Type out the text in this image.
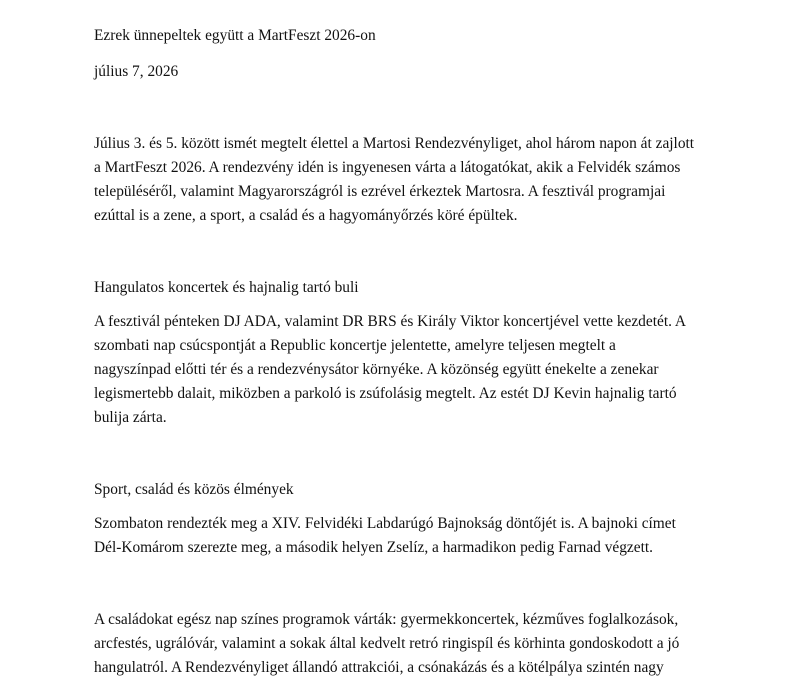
Ezrek ünnepeltek együtt a MartFeszt 2026-on
július 7, 2026
Július 3. és 5. között ismét megtelt élettel a Martosi Rendezvényliget, ahol három napon át zajlott
a MartFeszt 2026. A rendezvény idén is ingyenesen várta a látogatókat, akik a Felvidék számos
településéről, valamint Magyarországról is ezrével érkeztek Martosra. A fesztivál programjai
ezúttal is a zene, a sport, a család és a hagyományőrzés köré épültek.
Hangulatos koncertek és hajnalig tartó buli
A fesztivál pénteken DJ ADA, valamint DR BRS és Király Viktor koncertjével vette kezdetét. A
szombati nap csúcspontját a Republic koncertje jelentette, amelyre teljesen megtelt a
nagyszínpad előtti tér és a rendezvénysátor környéke. A közönség együtt énekelte a zenekar
legismertebb dalait, miközben a parkoló is zsúfolásig megtelt. Az estét DJ Kevin hajnalig tartó
bulija zárta.
Sport, család és közös élmények
Szombaton rendezték meg a XIV. Felvidéki Labdarúgó Bajnokság döntőjét is. A bajnoki címet
Dél-Komárom szerezte meg, a második helyen Zselíz, a harmadikon pedig Farnad végzett.
A családokat egész nap színes programok várták: gyermekkoncertek, kézműves foglalkozások,
arcfestés, ugrálóvár, valamint a sokak által kedvelt retró ringispíl és körhinta gondoskodott a jó
hangulatról. A Rendezvényliget állandó attrakciói, a csónakázás és a kötélpálya szintén nagy
